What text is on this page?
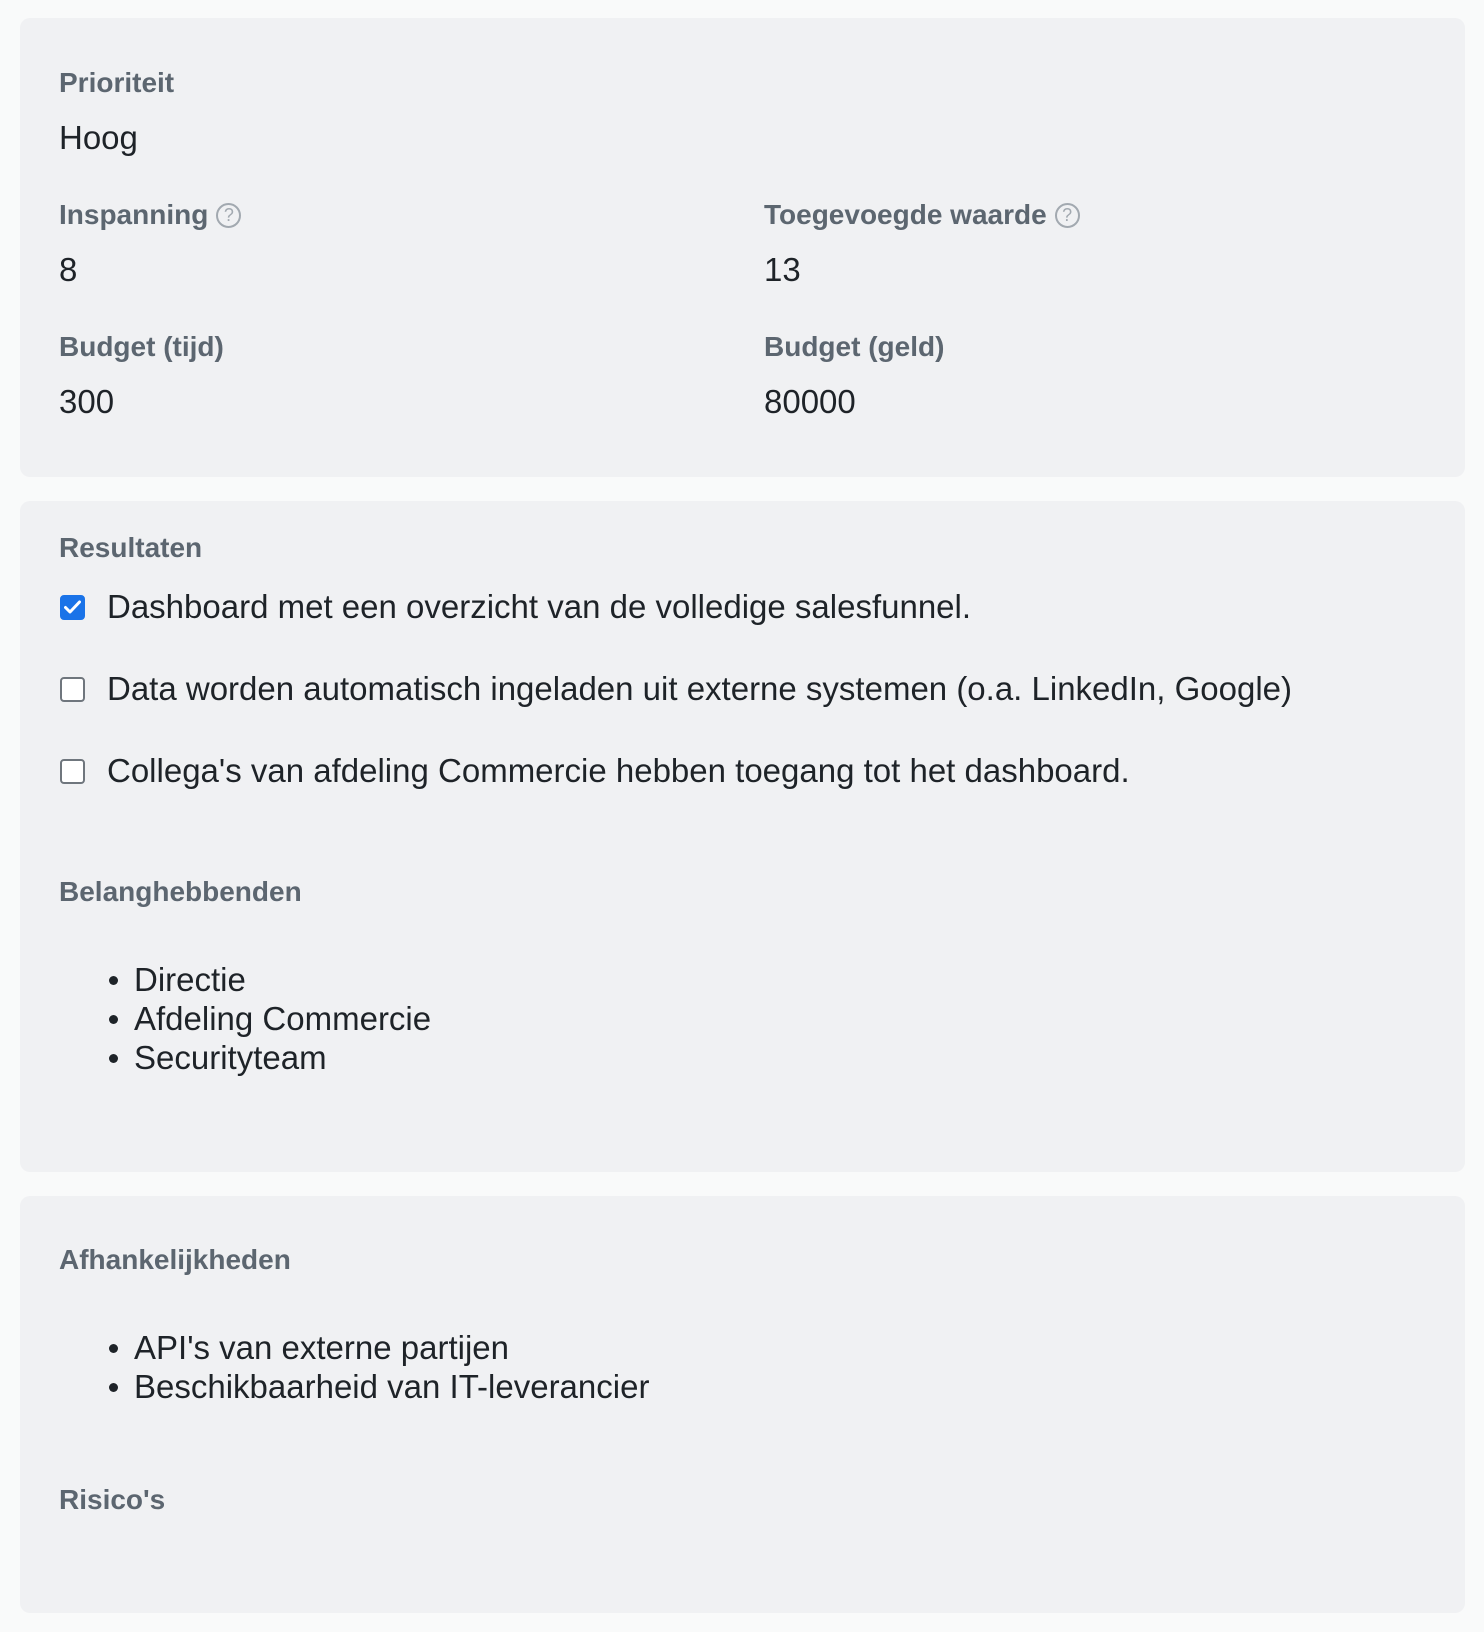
Prioriteit
Hoog
Inspanning ?
8
Toegevoegde waarde ?
13
Budget (tijd)
300
Budget (geld)
80000
Resultaten
Dashboard met een overzicht van de volledige salesfunnel.
Data worden automatisch ingeladen uit externe systemen (o.a. LinkedIn, Google)
Collega's van afdeling Commercie hebben toegang tot het dashboard.
Belanghebbenden
Directie
Afdeling Commercie
Securityteam
Afhankelijkheden
API's van externe partijen
Beschikbaarheid van IT-leverancier
Risico's
